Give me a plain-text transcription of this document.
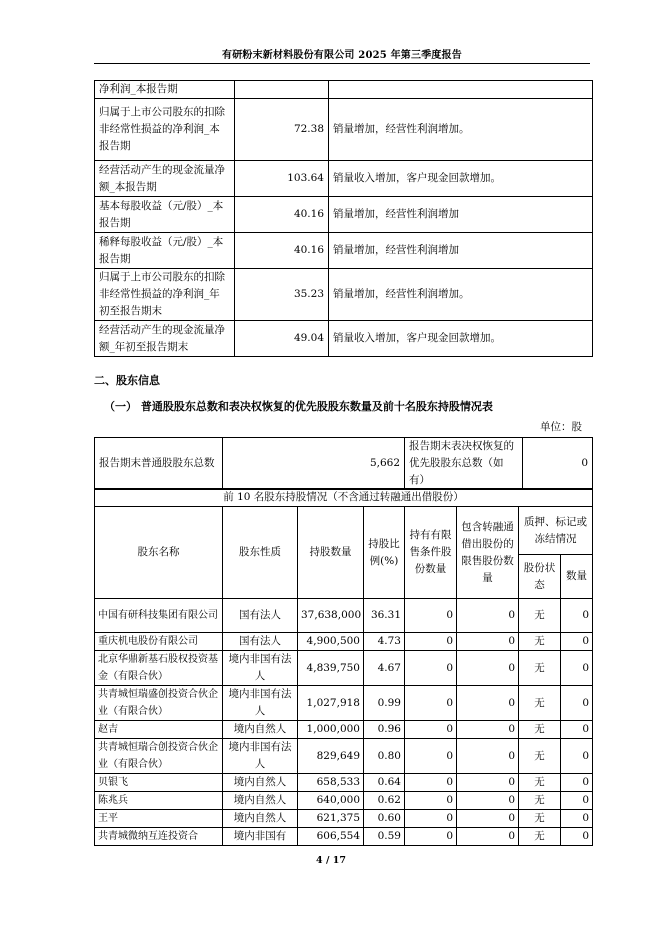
有研粉末新材料股份有限公司 2025 年第三季度报告
净利润_本报告期		
归属于上市公司股东的扣除非经常性损益的净利润_本报告期	72.38	销量增加，经营性利润增加。
经营活动产生的现金流量净额_本报告期	103.64	销量收入增加，客户现金回款增加。
基本每股收益（元/股）_本报告期	40.16	销量增加，经营性利润增加
稀释每股收益（元/股）_本报告期	40.16	销量增加，经营性利润增加
归属于上市公司股东的扣除非经常性损益的净利润_年初至报告期末	35.23	销量增加，经营性利润增加。
经营活动产生的现金流量净额_年初至报告期末	49.04	销量收入增加，客户现金回款增加。
二、股东信息
（一） 普通股股东总数和表决权恢复的优先股股东数量及前十名股东持股情况表
单位：股
报告期末普通股股东总数	5,662	报告期末表决权恢复的优先股股东总数（如有）	0
前 10 名股东持股情况（不含通过转融通出借股份）							
股东名称	股东性质	持股数量	持股比例(%)	持有有限售条件股份数量	包含转融通借出股份的限售股份数量	质押、标记或冻结情况	
						股份状态	数量
中国有研科技集团有限公司	国有法人	37,638,000	36.31	0	0	无	0
重庆机电股份有限公司	国有法人	4,900,500	4.73	0	0	无	0
北京华鼎新基石股权投资基金（有限合伙）	境内非国有法人	4,839,750	4.67	0	0	无	0
共青城恒瑞盛创投资合伙企业（有限合伙）	境内非国有法人	1,027,918	0.99	0	0	无	0
赵吉	境内自然人	1,000,000	0.96	0	0	无	0
共青城恒瑞合创投资合伙企业（有限合伙）	境内非国有法人	829,649	0.80	0	0	无	0
贝银飞	境内自然人	658,533	0.64	0	0	无	0
陈兆兵	境内自然人	640,000	0.62	0	0	无	0
王平	境内自然人	621,375	0.60	0	0	无	0
共青城微纳互连投资合	境内非国有	606,554	0.59	0	0	无	0
4 / 17
